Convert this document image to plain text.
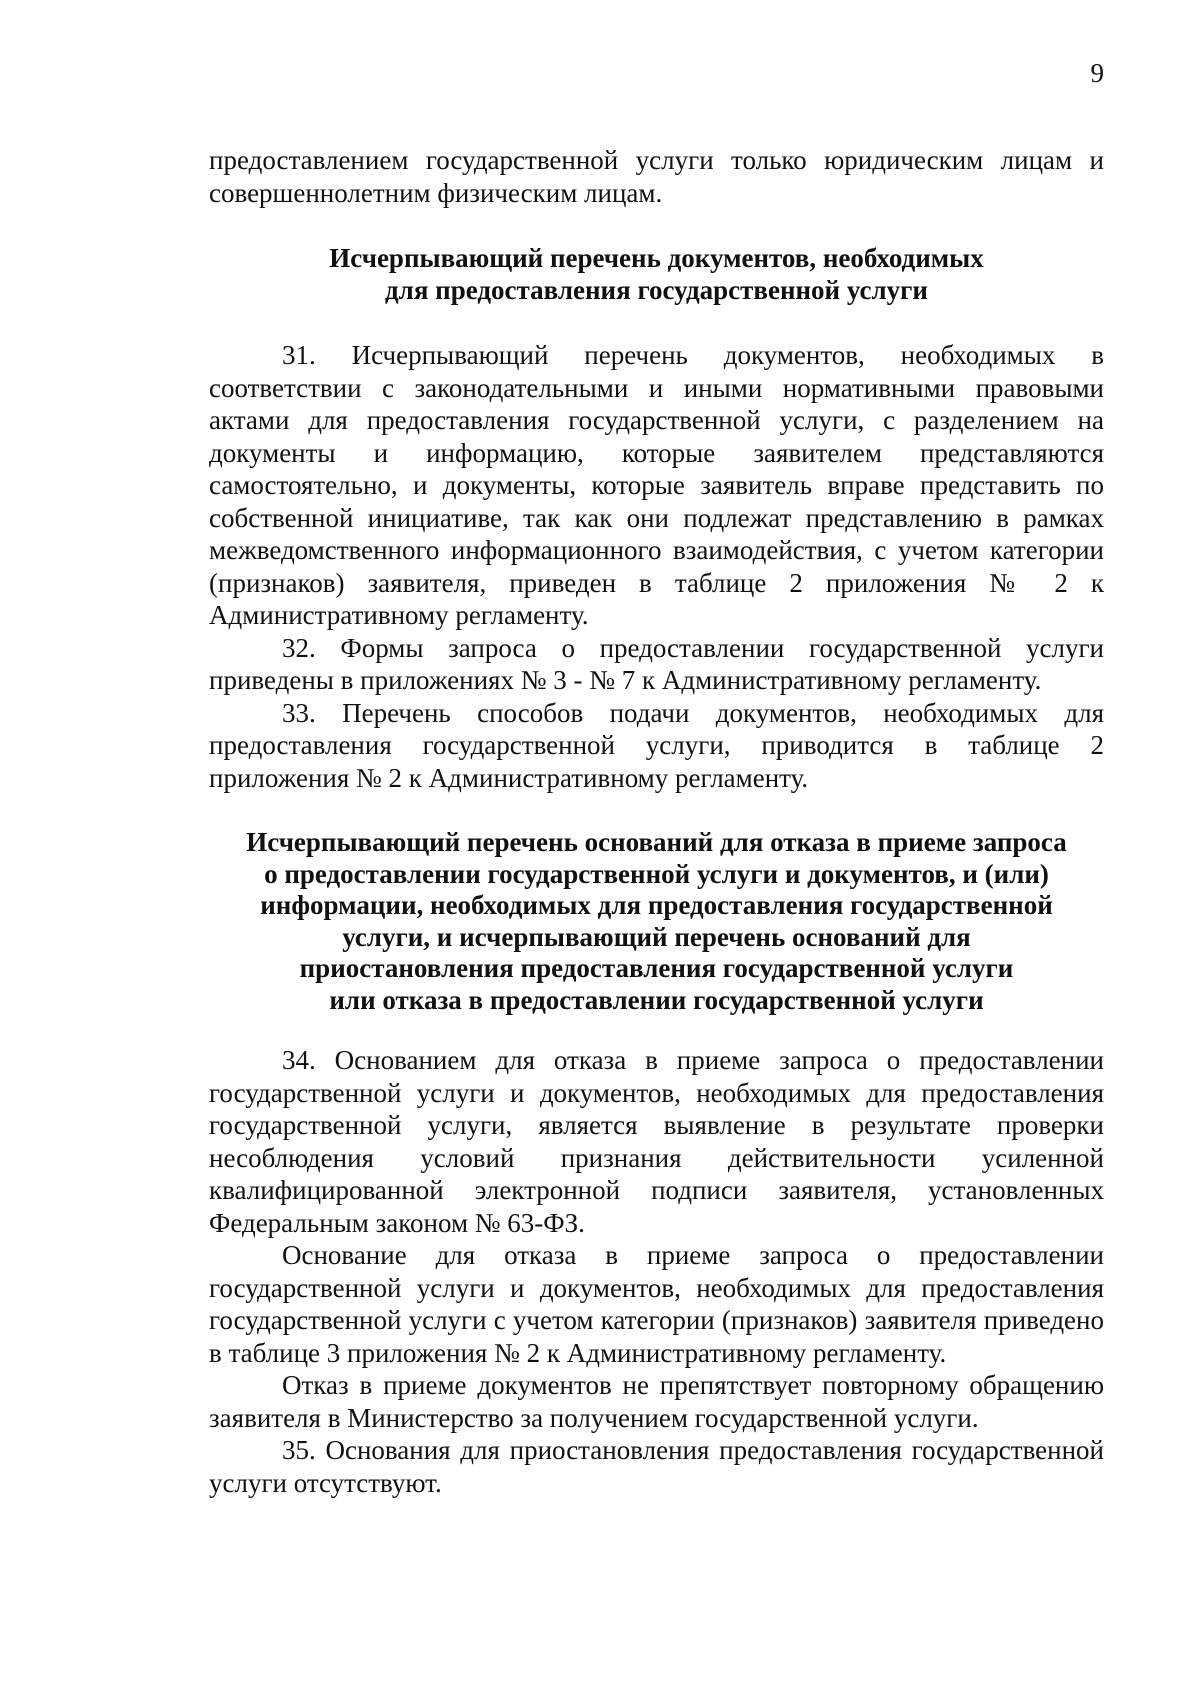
9

предоставлением государственной услуги только юридическим лицам и совершеннолетним физическим лицам.

Исчерпывающий перечень документов, необходимых
для предоставления государственной услуги

31. Исчерпывающий перечень документов, необходимых в соответствии с законодательными и иными нормативными правовыми актами для предоставления государственной услуги, с разделением на документы и информацию, которые заявителем представляются самостоятельно, и документы, которые заявитель вправе представить по собственной инициативе, так как они подлежат представлению в рамках межведомственного информационного взаимодействия, с учетом категории (признаков) заявителя, приведен в таблице 2 приложения № 2 к Административному регламенту.

32. Формы запроса о предоставлении государственной услуги приведены в приложениях № 3 - № 7 к Административному регламенту.

33. Перечень способов подачи документов, необходимых для предоставления государственной услуги, приводится в таблице 2 приложения № 2 к Административному регламенту.

Исчерпывающий перечень оснований для отказа в приеме запроса
о предоставлении государственной услуги и документов, и (или)
информации, необходимых для предоставления государственной
услуги, и исчерпывающий перечень оснований для
приостановления предоставления государственной услуги
или отказа в предоставлении государственной услуги

34. Основанием для отказа в приеме запроса о предоставлении государственной услуги и документов, необходимых для предоставления государственной услуги, является выявление в результате проверки несоблюдения условий признания действительности усиленной квалифицированной электронной подписи заявителя, установленных Федеральным законом № 63-ФЗ.

Основание для отказа в приеме запроса о предоставлении государственной услуги и документов, необходимых для предоставления государственной услуги с учетом категории (признаков) заявителя приведено в таблице 3 приложения № 2 к Административному регламенту.

Отказ в приеме документов не препятствует повторному обращению заявителя в Министерство за получением государственной услуги.

35. Основания для приостановления предоставления государственной услуги отсутствуют.
